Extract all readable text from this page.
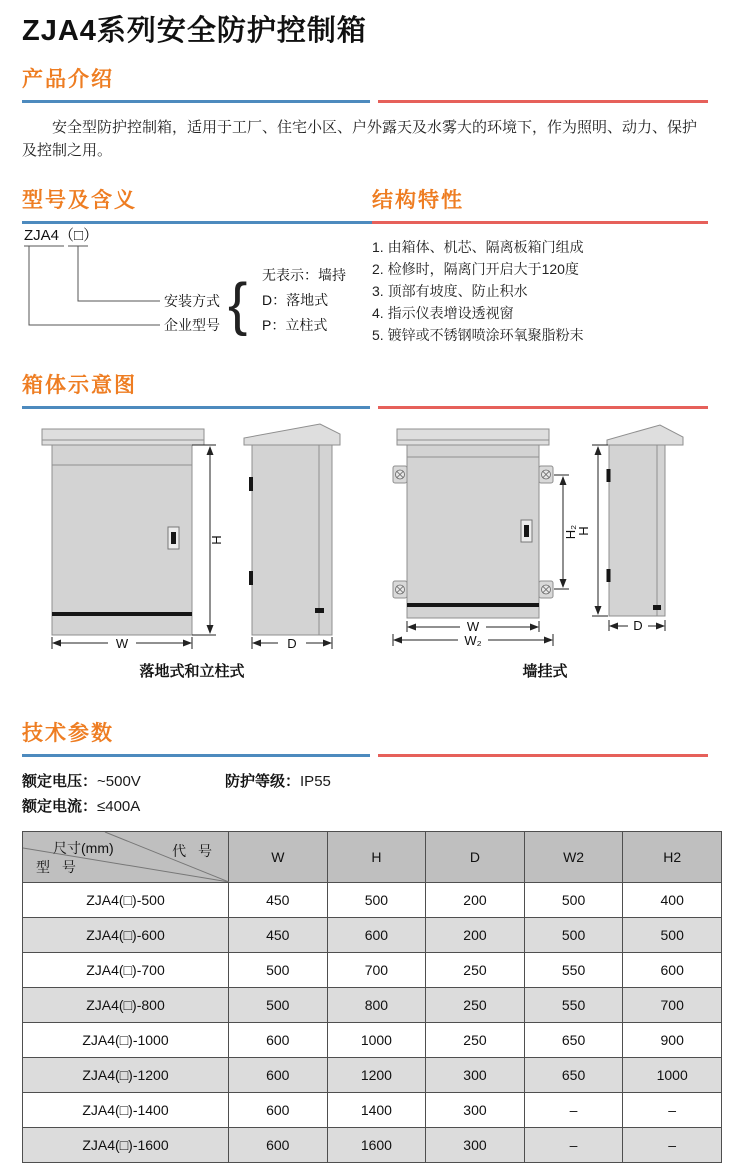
ZJA4系列安全防护控制箱
产品介绍

安全型防护控制箱，适用于工厂、住宅小区、户外露天及水雾大的环境下，作为照明、动力、保护及控制之用。

型号及含义
ZJA4（□）
安装方式
企业型号 { 无表示：墙持
D：落地式
P：立柱式
结构特性
1. 由箱体、机芯、隔离板箱门组成
2. 检修时，隔离门开启大于120度
3. 顶部有坡度、防止积水
4. 指示仪表增设透视窗
5. 镀锌或不锈钢喷涂环氧聚脂粉末
箱体示意图
H
W	D
落地式和立柱式
H₂
W
W₂
H
D
墙挂式
技术参数
额定电压：~500V	防护等级：IP55
额定电流：≤400A
尺寸(mm) 代 号
型 号	W	H	D	W2	H2
ZJA4(□)-500	450	500	200	500	400
ZJA4(□)-600	450	600	200	500	500
ZJA4(□)-700	500	700	250	550	600
ZJA4(□)-800	500	800	250	550	700
ZJA4(□)-1000	600	1000	250	650	900
ZJA4(□)-1200	600	1200	300	650	1000
ZJA4(□)-1400	600	1400	300	–	–
ZJA4(□)-1600	600	1600	300	–	–
